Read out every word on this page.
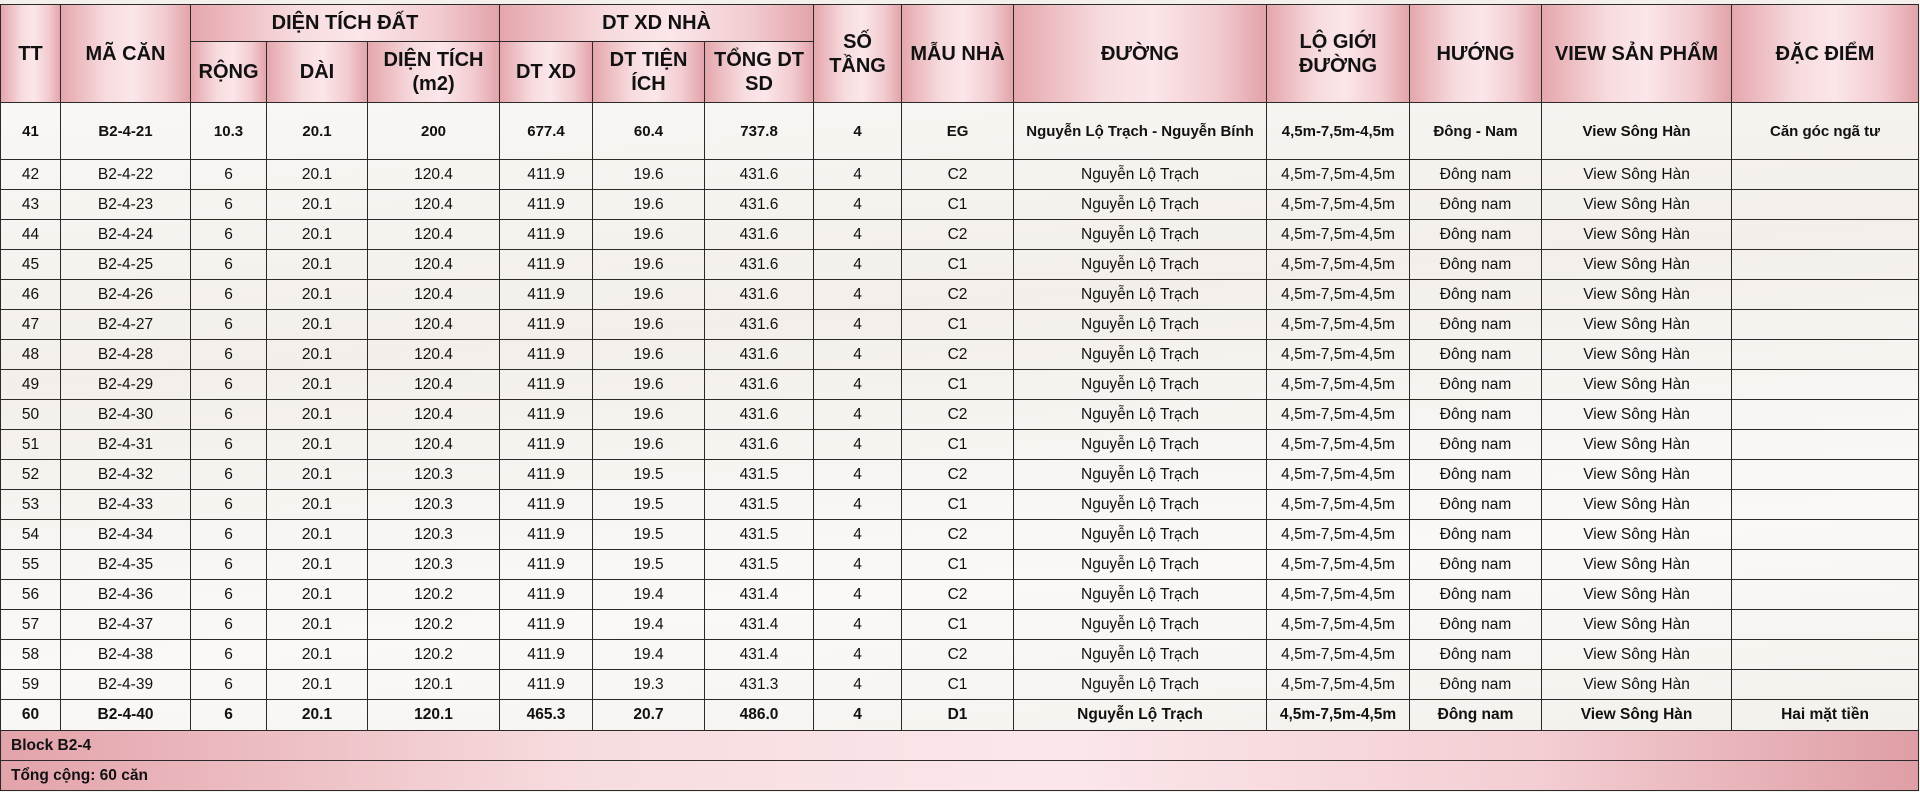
TT	MÃ CĂN	DIỆN TÍCH ĐẤT			DT XD NHÀ			SỐ TẦNG	MẪU NHÀ	ĐƯỜNG	LỘ GIỚI ĐƯỜNG	HƯỚNG	VIEW SẢN PHẨM	ĐẶC ĐIỂM
		RỘNG	DÀI	DIỆN TÍCH (m2)	DT XD	DT TIỆN ÍCH	TỔNG DT SD							
41	B2-4-21	10.3	20.1	200	677.4	60.4	737.8	4	EG	Nguyễn Lộ Trạch - Nguyễn Bính	4,5m-7,5m-4,5m	Đông - Nam	View Sông Hàn	Căn góc ngã tư
42	B2-4-22	6	20.1	120.4	411.9	19.6	431.6	4	C2	Nguyễn Lộ Trạch	4,5m-7,5m-4,5m	Đông nam	View Sông Hàn	
43	B2-4-23	6	20.1	120.4	411.9	19.6	431.6	4	C1	Nguyễn Lộ Trạch	4,5m-7,5m-4,5m	Đông nam	View Sông Hàn	
44	B2-4-24	6	20.1	120.4	411.9	19.6	431.6	4	C2	Nguyễn Lộ Trạch	4,5m-7,5m-4,5m	Đông nam	View Sông Hàn	
45	B2-4-25	6	20.1	120.4	411.9	19.6	431.6	4	C1	Nguyễn Lộ Trạch	4,5m-7,5m-4,5m	Đông nam	View Sông Hàn	
46	B2-4-26	6	20.1	120.4	411.9	19.6	431.6	4	C2	Nguyễn Lộ Trạch	4,5m-7,5m-4,5m	Đông nam	View Sông Hàn	
47	B2-4-27	6	20.1	120.4	411.9	19.6	431.6	4	C1	Nguyễn Lộ Trạch	4,5m-7,5m-4,5m	Đông nam	View Sông Hàn	
48	B2-4-28	6	20.1	120.4	411.9	19.6	431.6	4	C2	Nguyễn Lộ Trạch	4,5m-7,5m-4,5m	Đông nam	View Sông Hàn	
49	B2-4-29	6	20.1	120.4	411.9	19.6	431.6	4	C1	Nguyễn Lộ Trạch	4,5m-7,5m-4,5m	Đông nam	View Sông Hàn	
50	B2-4-30	6	20.1	120.4	411.9	19.6	431.6	4	C2	Nguyễn Lộ Trạch	4,5m-7,5m-4,5m	Đông nam	View Sông Hàn	
51	B2-4-31	6	20.1	120.4	411.9	19.6	431.6	4	C1	Nguyễn Lộ Trạch	4,5m-7,5m-4,5m	Đông nam	View Sông Hàn	
52	B2-4-32	6	20.1	120.3	411.9	19.5	431.5	4	C2	Nguyễn Lộ Trạch	4,5m-7,5m-4,5m	Đông nam	View Sông Hàn	
53	B2-4-33	6	20.1	120.3	411.9	19.5	431.5	4	C1	Nguyễn Lộ Trạch	4,5m-7,5m-4,5m	Đông nam	View Sông Hàn	
54	B2-4-34	6	20.1	120.3	411.9	19.5	431.5	4	C2	Nguyễn Lộ Trạch	4,5m-7,5m-4,5m	Đông nam	View Sông Hàn	
55	B2-4-35	6	20.1	120.3	411.9	19.5	431.5	4	C1	Nguyễn Lộ Trạch	4,5m-7,5m-4,5m	Đông nam	View Sông Hàn	
56	B2-4-36	6	20.1	120.2	411.9	19.4	431.4	4	C2	Nguyễn Lộ Trạch	4,5m-7,5m-4,5m	Đông nam	View Sông Hàn	
57	B2-4-37	6	20.1	120.2	411.9	19.4	431.4	4	C1	Nguyễn Lộ Trạch	4,5m-7,5m-4,5m	Đông nam	View Sông Hàn	
58	B2-4-38	6	20.1	120.2	411.9	19.4	431.4	4	C2	Nguyễn Lộ Trạch	4,5m-7,5m-4,5m	Đông nam	View Sông Hàn	
59	B2-4-39	6	20.1	120.1	411.9	19.3	431.3	4	C1	Nguyễn Lộ Trạch	4,5m-7,5m-4,5m	Đông nam	View Sông Hàn	
60	B2-4-40	6	20.1	120.1	465.3	20.7	486.0	4	D1	Nguyễn Lộ Trạch	4,5m-7,5m-4,5m	Đông nam	View Sông Hàn	Hai mặt tiền
Block B2-4														
Tổng cộng: 60 căn														
